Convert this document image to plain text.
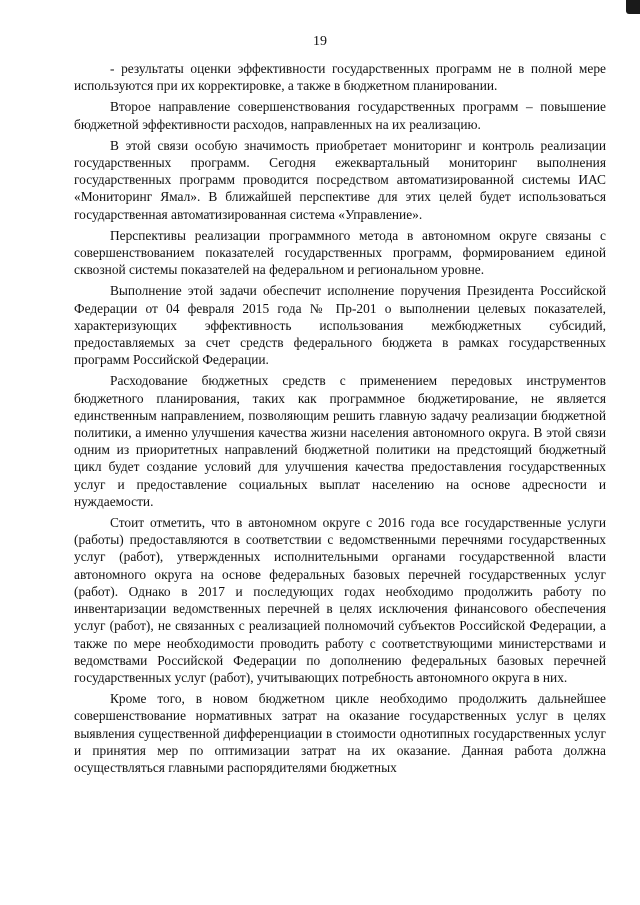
19

- результаты оценки эффективности государственных программ не в полной мере используются при их корректировке, а также в бюджетном планировании.

Второе направление совершенствования государственных программ – повышение бюджетной эффективности расходов, направленных на их реализацию.

В этой связи особую значимость приобретает мониторинг и контроль реализации государственных программ. Сегодня ежеквартальный мониторинг выполнения государственных программ проводится посредством автоматизированной системы ИАС «Мониторинг Ямал». В ближайшей перспективе для этих целей будет использоваться государственная автоматизированная система «Управление».

Перспективы реализации программного метода в автономном округе связаны с совершенствованием показателей государственных программ, формированием единой сквозной системы показателей на федеральном и региональном уровне.

Выполнение этой задачи обеспечит исполнение поручения Президента Российской Федерации от 04 февраля 2015 года № Пр-201 о выполнении целевых показателей, характеризующих эффективность использования межбюджетных субсидий, предоставляемых за счет средств федерального бюджета в рамках государственных программ Российской Федерации.

Расходование бюджетных средств с применением передовых инструментов бюджетного планирования, таких как программное бюджетирование, не является единственным направлением, позволяющим решить главную задачу реализации бюджетной политики, а именно улучшения качества жизни населения автономного округа. В этой связи одним из приоритетных направлений бюджетной политики на предстоящий бюджетный цикл будет создание условий для улучшения качества предоставления государственных услуг и предоставление социальных выплат населению на основе адресности и нуждаемости.

Стоит отметить, что в автономном округе с 2016 года все государственные услуги (работы) предоставляются в соответствии с ведомственными перечнями государственных услуг (работ), утвержденных исполнительными органами государственной власти автономного округа на основе федеральных базовых перечней государственных услуг (работ). Однако в 2017 и последующих годах необходимо продолжить работу по инвентаризации ведомственных перечней в целях исключения финансового обеспечения услуг (работ), не связанных с реализацией полномочий субъектов Российской Федерации, а также по мере необходимости проводить работу с соответствующими министерствами и ведомствами Российской Федерации по дополнению федеральных базовых перечней государственных услуг (работ), учитывающих потребность автономного округа в них.

Кроме того, в новом бюджетном цикле необходимо продолжить дальнейшее совершенствование нормативных затрат на оказание государственных услуг в целях выявления существенной дифференциации в стоимости однотипных государственных услуг и принятия мер по оптимизации затрат на их оказание. Данная работа должна осуществляться главными распорядителями бюджетных
